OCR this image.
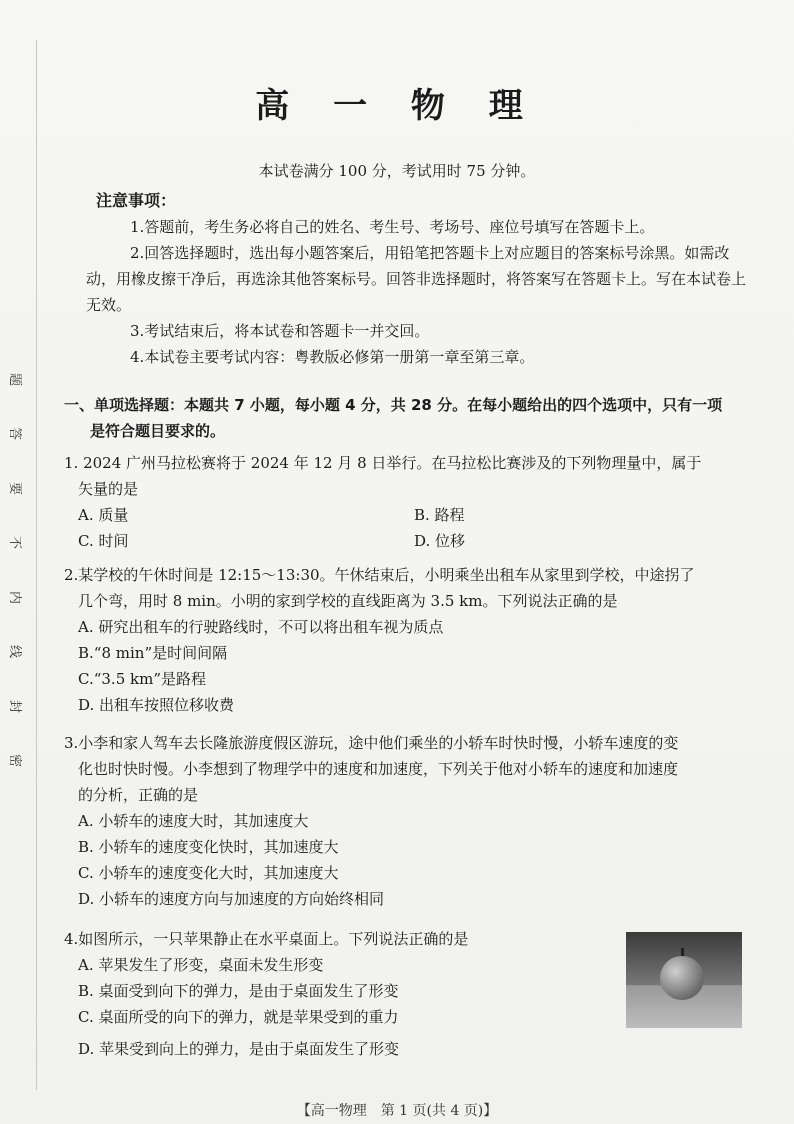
题
答
要
不
内
线
封
密
高 一 物 理
本试卷满分 100 分，考试用时 75 分钟。
注意事项：
1.答题前，考生务必将自己的姓名、考生号、考场号、座位号填写在答题卡上。
2.回答选择题时，选出每小题答案后，用铅笔把答题卡上对应题目的答案标号涂黑。如需改动，用橡皮擦干净后，再选涂其他答案标号。回答非选择题时，将答案写在答题卡上。写在本试卷上无效。
3.考试结束后，将本试卷和答题卡一并交回。
4.本试卷主要考试内容：粤教版必修第一册第一章至第三章。
一、单项选择题：本题共 7 小题，每小题 4 分，共 28 分。在每小题给出的四个选项中，只有一项
是符合题目要求的。
1. 2024 广州马拉松赛将于 2024 年 12 月 8 日举行。在马拉松比赛涉及的下列物理量中，属于
矢量的是
A. 质量	B. 路程
C. 时间	D. 位移
2.某学校的午休时间是 12:15～13:30。午休结束后，小明乘坐出租车从家里到学校，中途拐了
几个弯，用时 8 min。小明的家到学校的直线距离为 3.5 km。下列说法正确的是
A. 研究出租车的行驶路线时，不可以将出租车视为质点
B.“8 min”是时间间隔
C.“3.5 km”是路程
D. 出租车按照位移收费
3.小李和家人驾车去长隆旅游度假区游玩，途中他们乘坐的小轿车时快时慢，小轿车速度的变
化也时快时慢。小李想到了物理学中的速度和加速度，下列关于他对小轿车的速度和加速度
的分析，正确的是
A. 小轿车的速度大时，其加速度大
B. 小轿车的速度变化快时，其加速度大
C. 小轿车的速度变化大时，其加速度大
D. 小轿车的速度方向与加速度的方向始终相同
4.如图所示，一只苹果静止在水平桌面上。下列说法正确的是
A. 苹果发生了形变，桌面未发生形变
B. 桌面受到向下的弹力，是由于桌面发生了形变
C. 桌面所受的向下的弹力，就是苹果受到的重力
D. 苹果受到向上的弹力，是由于桌面发生了形变
【高一物理　第 1 页(共 4 页)】
